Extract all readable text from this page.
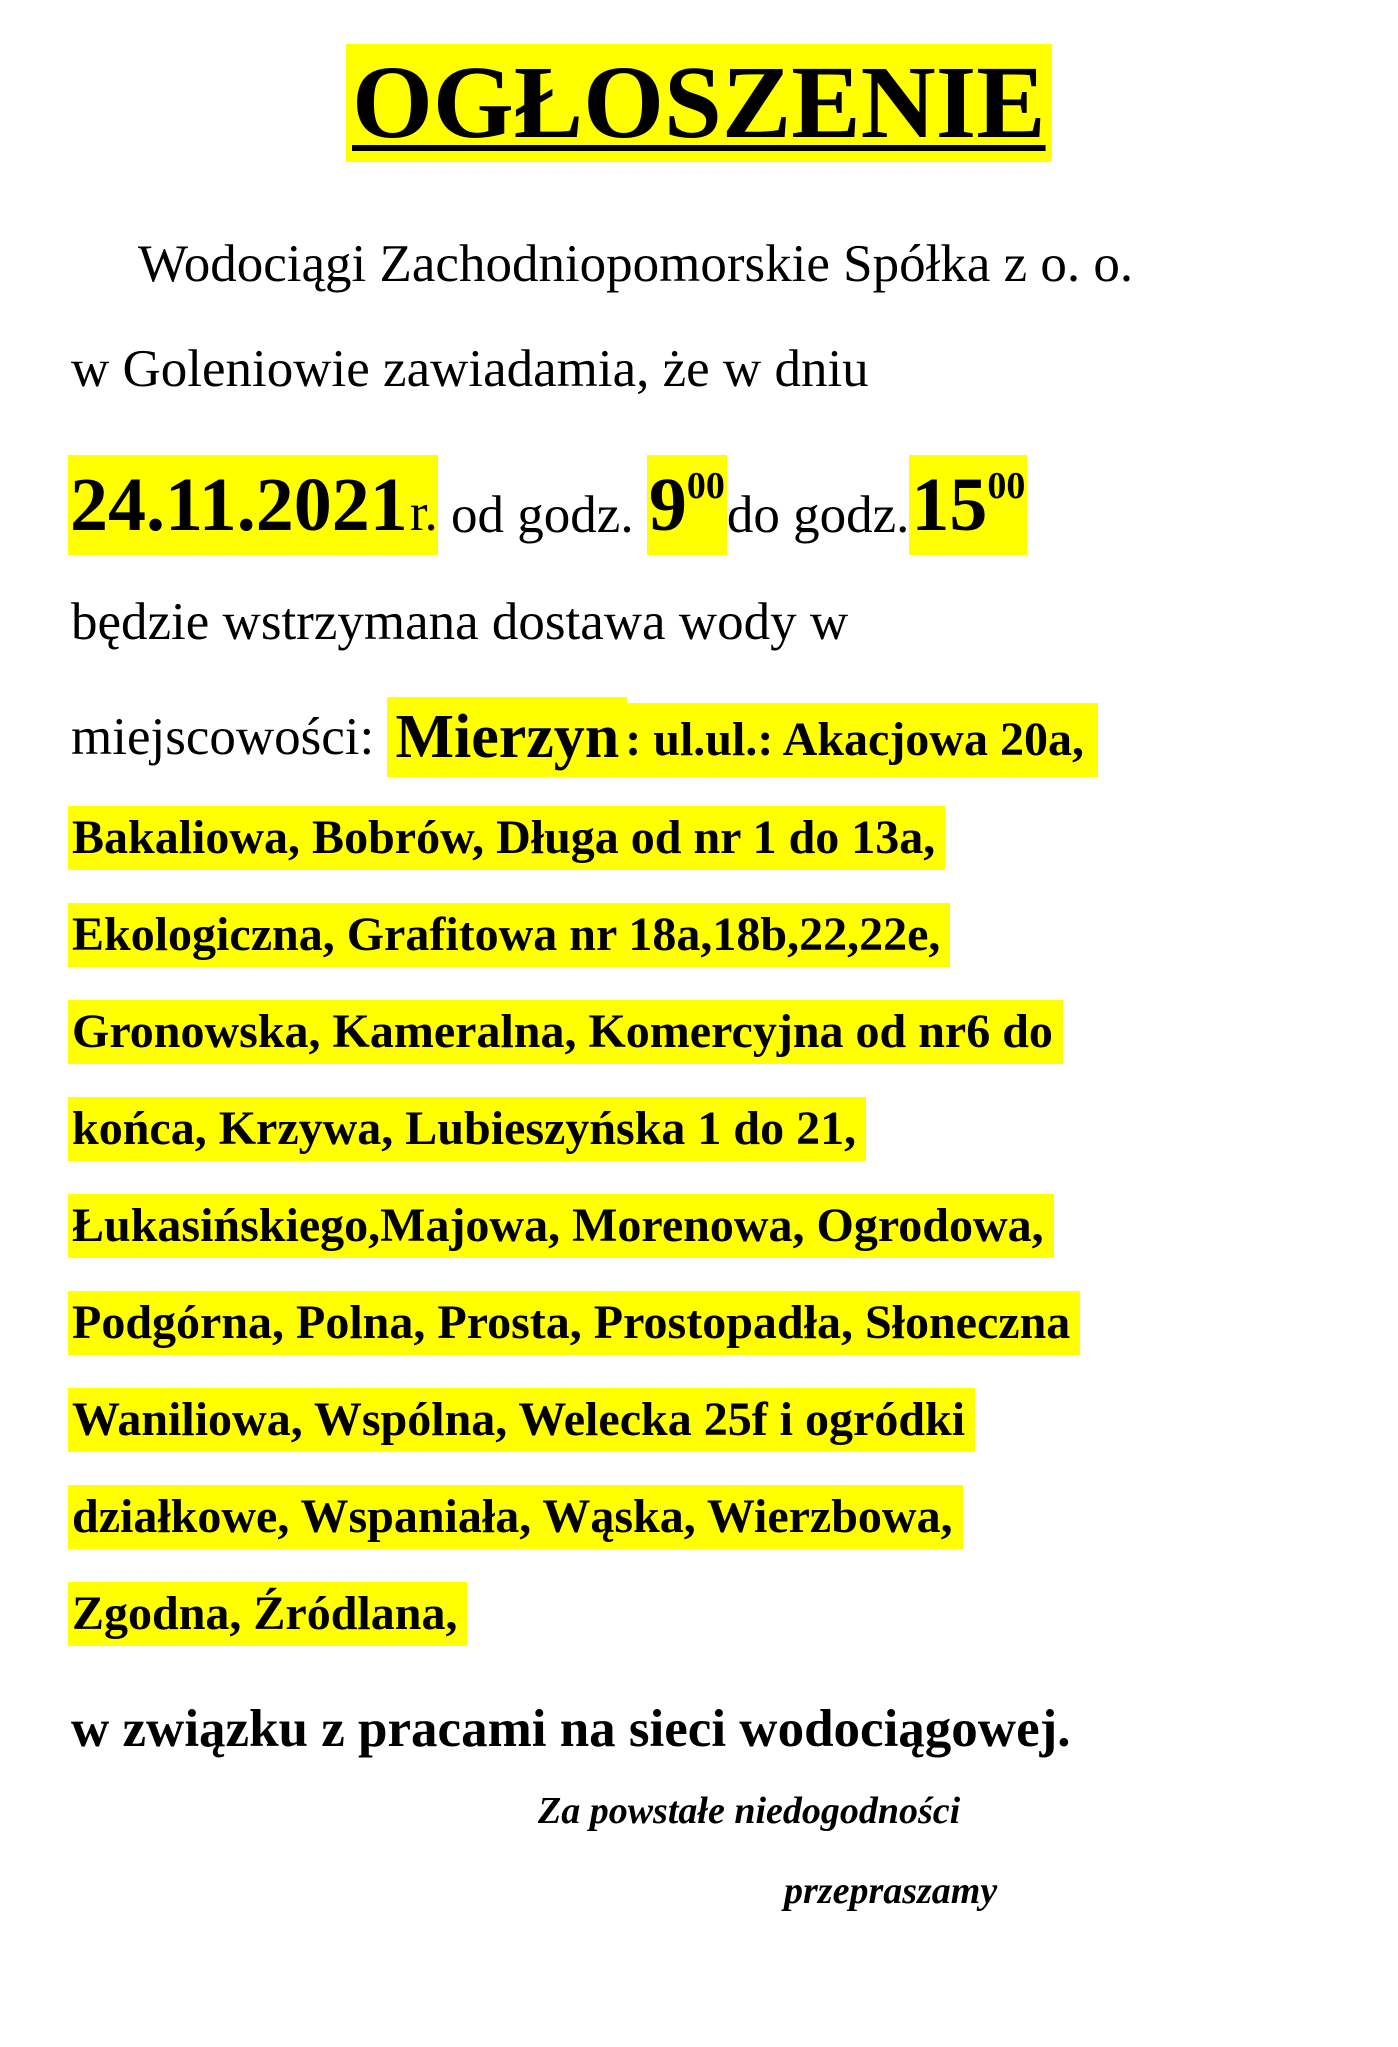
OGŁOSZENIE
Wodociągi Zachodniopomorskie Spółka z o. o.
w Goleniowie zawiadamia, że w dniu
24.11.2021r. od godz. $9^{00}do$ $godz.15^{00}$
będzie wstrzymana dostawa wody w
miejscowości: Mierzyn : ul.ul.: Akacjowa 20a,
Bakaliowa, Bobrów, Długa od nr 1 do 13a,
Ekologiczna, Grafitowa nr 18a,18b,22,22e,
Gronowska, Kameralna, Komercyjna od nr6 do
końca, Krzywa, Lubieszyńska 1 do 21,
Łukasińskiego,Majowa, Morenowa, Ogrodowa,
Podgórna, Polna, Prosta, Prostopadła, Słoneczna
Waniliowa, Wspólna, Welecka 25f i ogródki
działkowe, Wspaniała, Wąska, Wierzbowa,
Zgodna, Źródlana,
w związku z pracami na sieci wodociągowej.
Za powstałe niedogodności
przepraszamy
